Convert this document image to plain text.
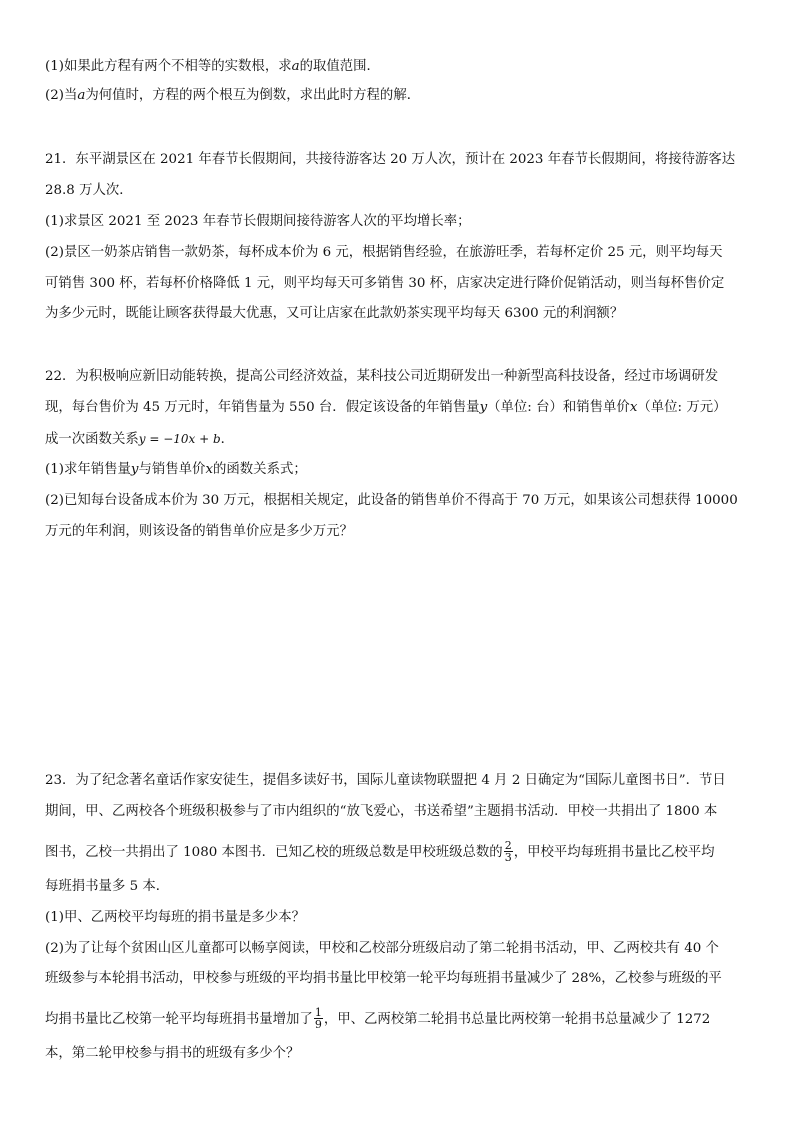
(1)如果此方程有两个不相等的实数根，求a的取值范围．
(2)当a为何值时，方程的两个根互为倒数，求出此时方程的解．
21．东平湖景区在 2021 年春节长假期间，共接待游客达 20 万人次，预计在 2023 年春节长假期间，将接待游客达
28.8 万人次．
(1)求景区 2021 至 2023 年春节长假期间接待游客人次的平均增长率；
(2)景区一奶茶店销售一款奶茶，每杯成本价为 6 元，根据销售经验，在旅游旺季，若每杯定价 25 元，则平均每天
可销售 300 杯，若每杯价格降低 1 元，则平均每天可多销售 30 杯，店家决定进行降价促销活动，则当每杯售价定
为多少元时，既能让顾客获得最大优惠，又可让店家在此款奶茶实现平均每天 6300 元的利润额？
22．为积极响应新旧动能转换，提高公司经济效益，某科技公司近期研发出一种新型高科技设备，经过市场调研发
现，每台售价为 45 万元时，年销售量为 550 台．假定该设备的年销售量y（单位: 台）和销售单价x（单位: 万元）
成一次函数关系y = −10x + b．
(1)求年销售量y与销售单价x的函数关系式；
(2)已知每台设备成本价为 30 万元，根据相关规定，此设备的销售单价不得高于 70 万元，如果该公司想获得 10000
万元的年利润，则该设备的销售单价应是多少万元？
23．为了纪念著名童话作家安徒生，提倡多读好书，国际儿童读物联盟把 4 月 2 日确定为“国际儿童图书日”．节日
期间，甲、乙两校各个班级积极参与了市内组织的“放飞爱心，书送希望”主题捐书活动．甲校一共捐出了 1800 本
图书，乙校一共捐出了 1080 本图书．已知乙校的班级总数是甲校班级总数的 $\frac{2}{3}$ ，甲校平均每班捐书量比乙校平均
每班捐书量多 5 本．
(1)甲、乙两校平均每班的捐书量是多少本？
(2)为了让每个贫困山区儿童都可以畅享阅读，甲校和乙校部分班级启动了第二轮捐书活动，甲、乙两校共有 40 个
班级参与本轮捐书活动，甲校参与班级的平均捐书量比甲校第一轮平均每班捐书量减少了 28%，乙校参与班级的平
均捐书量比乙校第一轮平均每班捐书量增加了 $\frac{1}{9}$ ，甲、乙两校第二轮捐书总量比两校第一轮捐书总量减少了 1272
本，第二轮甲校参与捐书的班级有多少个？
